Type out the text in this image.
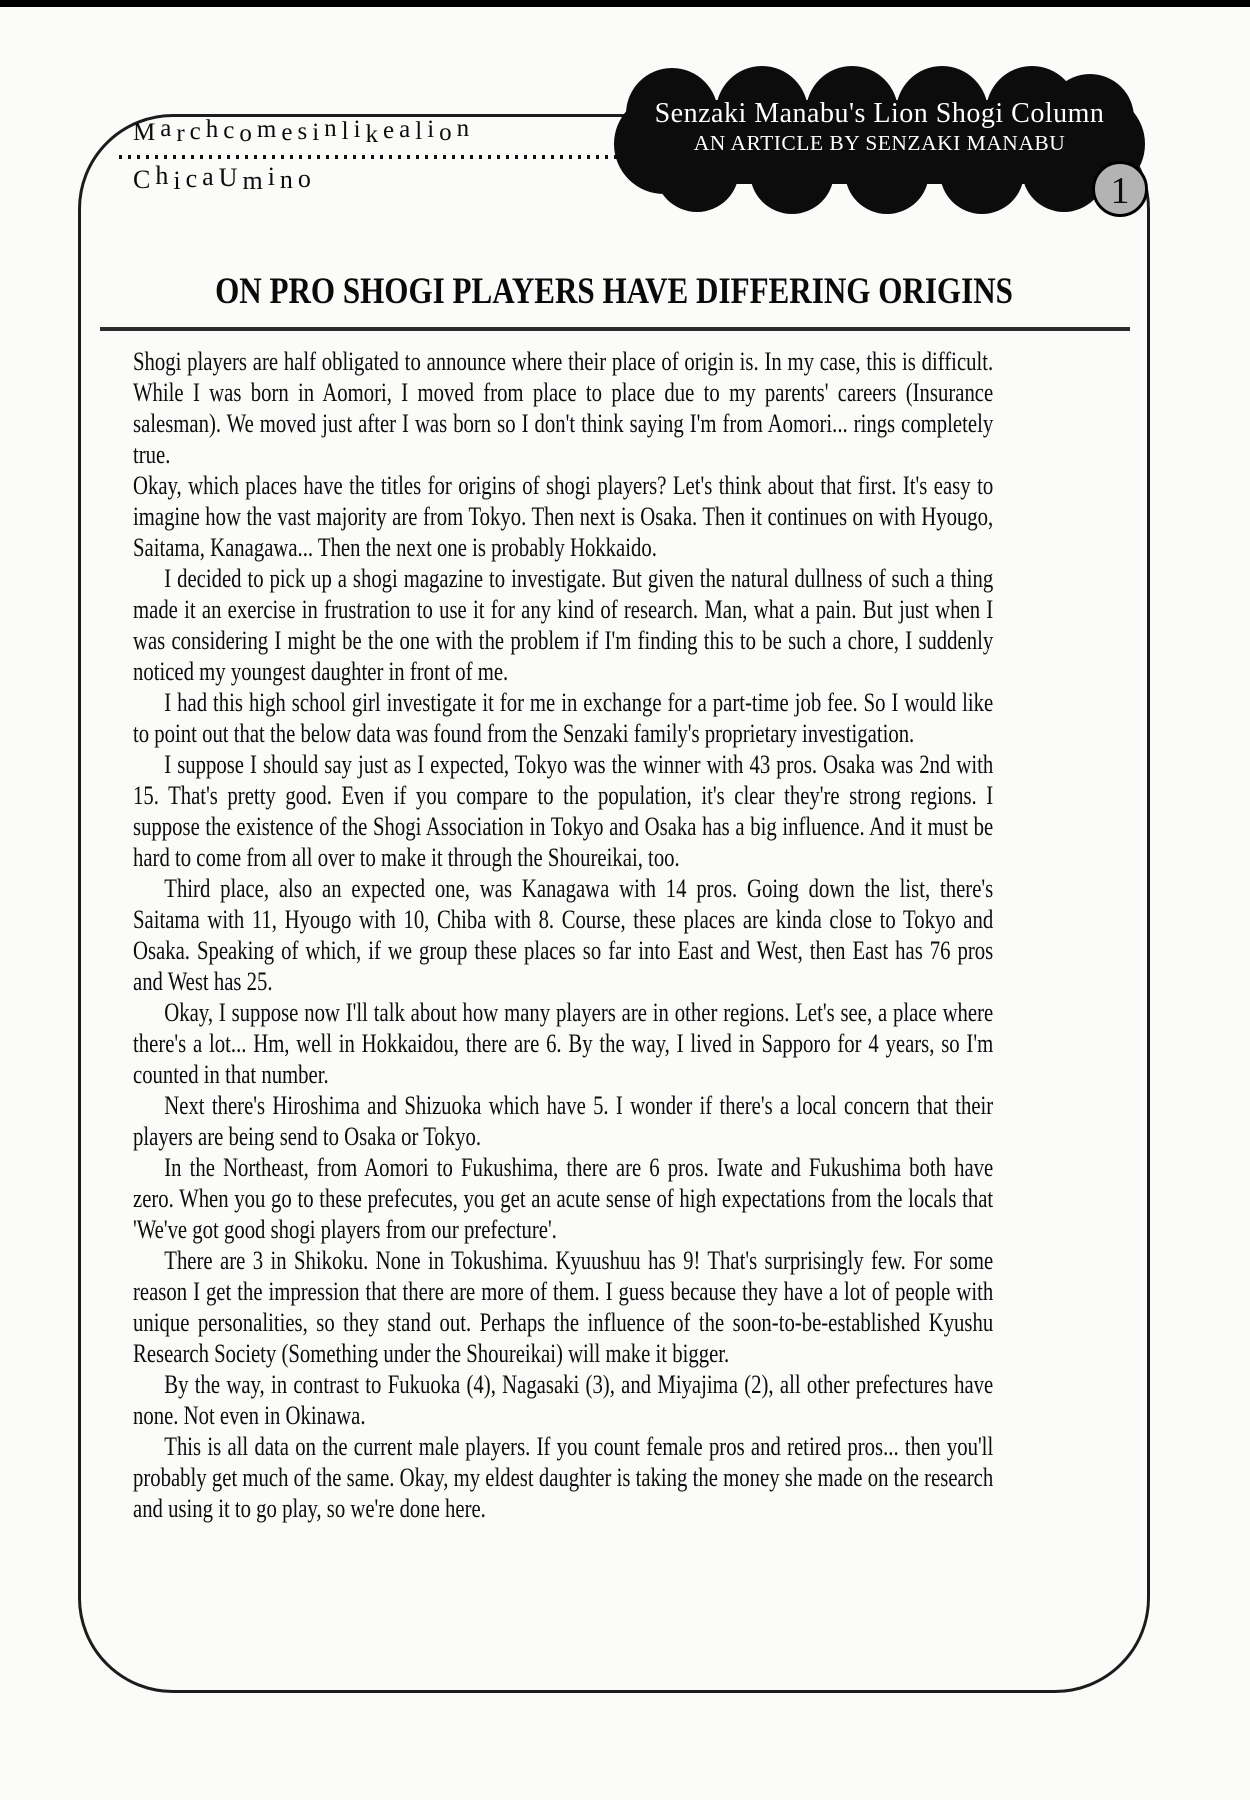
Marchcomesinlikealion
ChicaUmino
Senzaki Manabu's Lion Shogi Column
AN ARTICLE BY SENZAKI MANABU
1
ON PRO SHOGI PLAYERS HAVE DIFFERING ORIGINS

Shogi players are half obligated to announce where their place of origin is. In my case, this is difficult. While I was born in Aomori, I moved from place to place due to my parents' careers (Insurance salesman). We moved just after I was born so I don't think saying I'm from Aomori... rings completely true.

Okay, which places have the titles for origins of shogi players? Let's think about that first. It's easy to imagine how the vast majority are from Tokyo. Then next is Osaka. Then it continues on with Hyougo, Saitama, Kanagawa... Then the next one is probably Hokkaido.

I decided to pick up a shogi magazine to investigate. But given the natural dullness of such a thing made it an exercise in frustration to use it for any kind of research. Man, what a pain. But just when I was considering I might be the one with the problem if I'm finding this to be such a chore, I suddenly noticed my youngest daughter in front of me.

I had this high school girl investigate it for me in exchange for a part-time job fee. So I would like to point out that the below data was found from the Senzaki family's proprietary investigation.

I suppose I should say just as I expected, Tokyo was the winner with 43 pros. Osaka was 2nd with 15. That's pretty good. Even if you compare to the population, it's clear they're strong regions. I suppose the existence of the Shogi Association in Tokyo and Osaka has a big influence. And it must be hard to come from all over to make it through the Shoureikai, too.

Third place, also an expected one, was Kanagawa with 14 pros. Going down the list, there's Saitama with 11, Hyougo with 10, Chiba with 8. Course, these places are kinda close to Tokyo and Osaka. Speaking of which, if we group these places so far into East and West, then East has 76 pros and West has 25.

Okay, I suppose now I'll talk about how many players are in other regions. Let's see, a place where there's a lot... Hm, well in Hokkaidou, there are 6. By the way, I lived in Sapporo for 4 years, so I'm counted in that number.

Next there's Hiroshima and Shizuoka which have 5. I wonder if there's a local concern that their players are being send to Osaka or Tokyo.

In the Northeast, from Aomori to Fukushima, there are 6 pros. Iwate and Fukushima both have zero. When you go to these prefecutes, you get an acute sense of high expectations from the locals that 'We've got good shogi players from our prefecture'.

There are 3 in Shikoku. None in Tokushima. Kyuushuu has 9! That's surprisingly few. For some reason I get the impression that there are more of them. I guess because they have a lot of people with unique personalities, so they stand out. Perhaps the influence of the soon-to-be-established Kyushu Research Society (Something under the Shoureikai) will make it bigger.

By the way, in contrast to Fukuoka (4), Nagasaki (3), and Miyajima (2), all other prefectures have none. Not even in Okinawa.

This is all data on the current male players. If you count female pros and retired pros... then you'll probably get much of the same. Okay, my eldest daughter is taking the money she made on the research and using it to go play, so we're done here.
